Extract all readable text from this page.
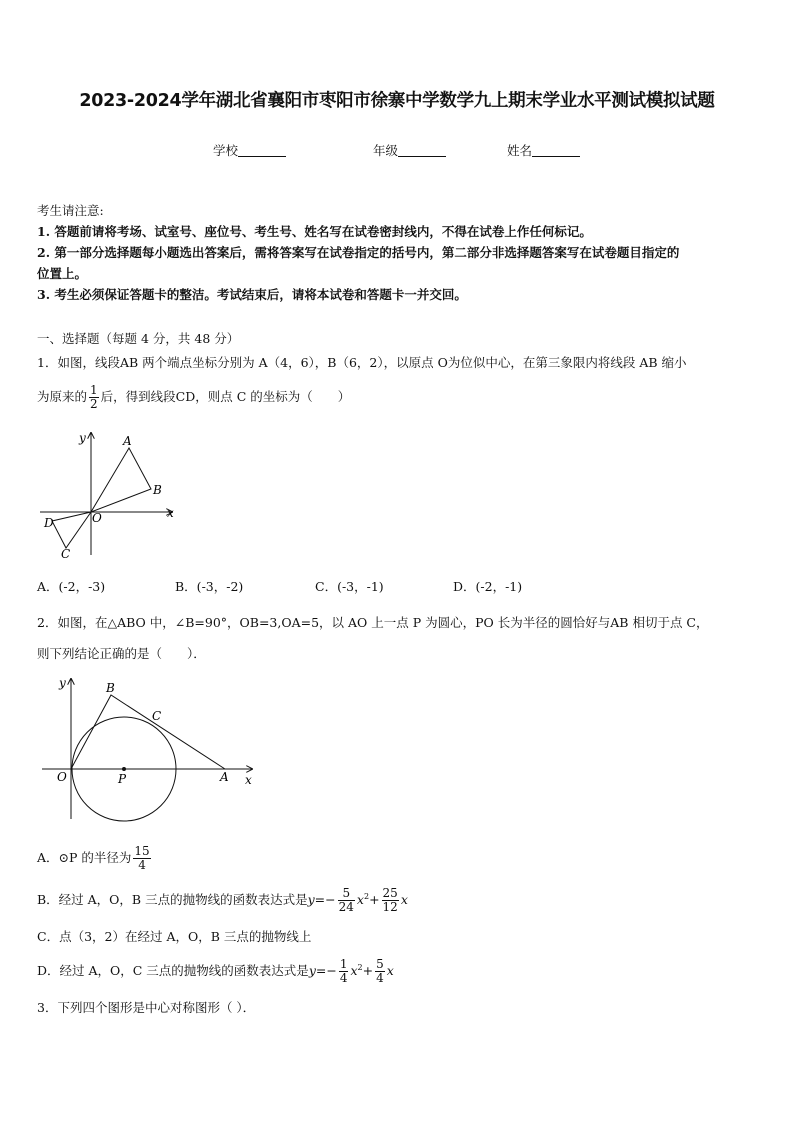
2023-2024学年湖北省襄阳市枣阳市徐寨中学数学九上期末学业水平测试模拟试题
学校	年级	姓名
考生请注意:
1. 答题前请将考场、试室号、座位号、考生号、姓名写在试卷密封线内，不得在试卷上作任何标记。
2. 第一部分选择题每小题选出答案后，需将答案写在试卷指定的括号内，第二部分非选择题答案写在试卷题目指定的
位置上。
3. 考生必须保证答题卡的整洁。考试结束后，请将本试卷和答题卡一并交回。
一、选择题（每题 4 分，共 48 分）
1．如图，线段AB 两个端点坐标分别为 A（4，6），B（6，2），以原点 O为位似中心，在第三象限内将线段 AB 缩小
为原来的 $\frac{1}{2}$ 后，得到线段CD，则点 C 的坐标为（　　）
y
x
A
B
O
D
C
A．(-2，-3)	B．(-3，-2)	C．(-3，-1)	D．(-2，-1)
2．如图，在△ABO 中，∠B=90°，OB=3,OA=5，以 AO 上一点 P 为圆心，PO 长为半径的圆恰好与AB 相切于点 C，
则下列结论正确的是（　　）．
y
x
B
C
O	P	A
A．⊙P 的半径为 $\frac{15}{4}$
B．经过 A，O，B 三点的抛物线的函数表达式是$y=- \frac{5}{24} x^2+ \frac{25}{12}$ x
C．点（3，2）在经过 A，O，B 三点的抛物线上
D．经过 A，O，C 三点的抛物线的函数表达式是$y=- \frac{1}{4} x^2+ \frac{5}{4}$ x
3．下列四个图形是中心对称图形（ ）．
